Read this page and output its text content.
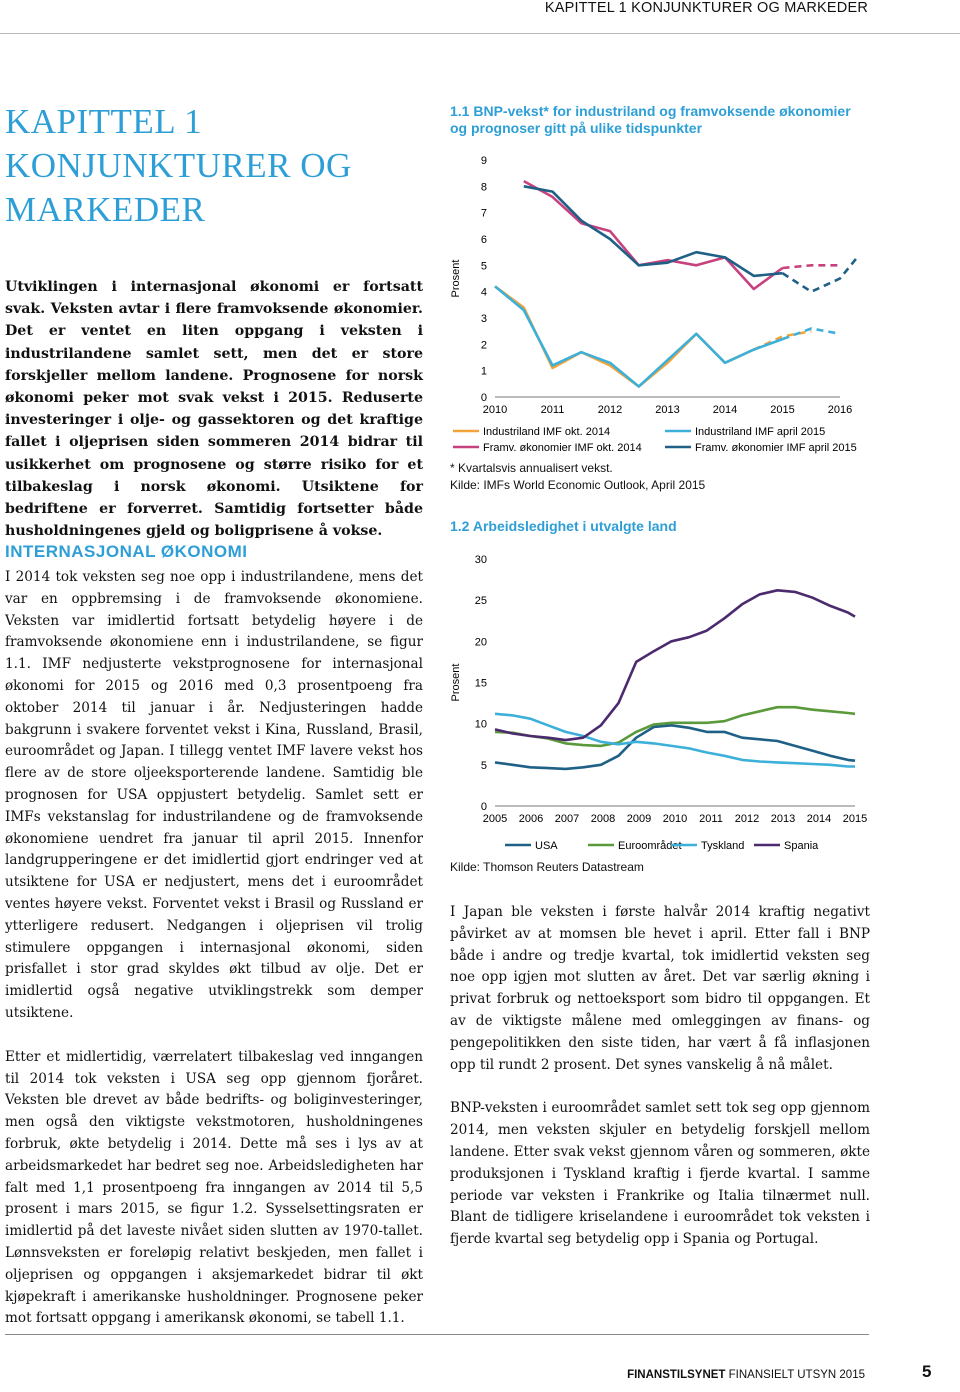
KAPITTEL 1 KONJUNKTURER OG MARKEDER
KAPITTEL 1
KONJUNKTURER OG
MARKEDER

Utviklingen i internasjonal økonomi er fortsatt svak. Veksten avtar i flere framvoksende økonomier. Det er ventet en liten oppgang i veksten i industrilandene samlet sett, men det er store forskjeller mellom landene. Prognosene for norsk økonomi peker mot svak vekst i 2015. Reduserte investeringer i olje- og gassektoren og det kraftige fallet i oljeprisen siden sommeren 2014 bidrar til usikkerhet om prognosene og større risiko for et tilbakeslag i norsk økonomi. Utsiktene for bedriftene er forverret. Samtidig fortsetter både husholdningenes gjeld og boligprisene å vokse.

INTERNASJONAL ØKONOMI

I 2014 tok veksten seg noe opp i industrilandene, mens det var en oppbremsing i de framvoksende økonomiene. Veksten var imidlertid fortsatt betydelig høyere i de framvoksende økonomiene enn i industrilandene, se figur 1.1. IMF nedjusterte vekstprognosene for internasjonal økonomi for 2015 og 2016 med 0,3 prosentpoeng fra oktober 2014 til januar i år. Nedjusteringen hadde bakgrunn i svakere forventet vekst i Kina, Russland, Brasil, euroområdet og Japan. I tillegg ventet IMF lavere vekst hos flere av de store oljeeksporterende landene. Samtidig ble prognosen for USA oppjustert betydelig. Samlet sett er IMFs vekstanslag for industrilandene og de framvoksende økonomiene uendret fra januar til april 2015. Innenfor landgrupperingene er det imidlertid gjort endringer ved at utsiktene for USA er nedjustert, mens det i euroområdet ventes høyere vekst. Forventet vekst i Brasil og Russland er ytterligere redusert. Nedgangen i oljeprisen vil trolig stimulere oppgangen i internasjonal økonomi, siden prisfallet i stor grad skyldes økt tilbud av olje. Det er imidlertid også negative utviklingstrekk som demper utsiktene.

Etter et midlertidig, værrelatert tilbakeslag ved inngangen til 2014 tok veksten i USA seg opp gjennom fjoråret. Veksten ble drevet av både bedrifts- og boliginvesteringer, men også den viktigste vekstmotoren, husholdningenes forbruk, økte betydelig i 2014. Dette må ses i lys av at arbeidsmarkedet har bedret seg noe. Arbeidsledigheten har falt med 1,1 prosentpoeng fra inngangen av 2014 til 5,5 prosent i mars 2015, se figur 1.2. Sysselsettingsraten er imidlertid på det laveste nivået siden slutten av 1970-tallet. Lønnsveksten er foreløpig relativt beskjeden, men fallet i oljeprisen og oppgangen i aksjemarkedet bidrar til økt kjøpekraft i amerikanske husholdninger. Prognosene peker mot fortsatt oppgang i amerikansk økonomi, se tabell 1.1.

1.1 BNP-vekst* for industriland og framvoksende økonomier
og prognoser gitt på ulike tidspunkter
Prosent
0
1
2
3
4
5
6
7
8
9
2010	2011	2012	2013	2014	2015	2016
Industriland IMF okt. 2014	Industriland IMF april 2015
Framv. økonomier IMF okt. 2014	Framv. økonomier IMF april 2015
* Kvartalsvis annualisert vekst.
Kilde: IMFs World Economic Outlook, April 2015
1.2 Arbeidsledighet i utvalgte land
Prosent
0
5
10
15
20
25
30
2005 2006 2007 2008 2009 2010 2011 2012 2013 2014 2015
USA	Euroområdet Tyskland	Spania
Kilde: Thomson Reuters Datastream

I Japan ble veksten i første halvår 2014 kraftig negativt påvirket av at momsen ble hevet i april. Etter fall i BNP både i andre og tredje kvartal, tok imidlertid veksten seg noe opp igjen mot slutten av året. Det var særlig økning i privat forbruk og nettoeksport som bidro til oppgangen. Et av de viktigste målene med omleggingen av finans- og pengepolitikken den siste tiden, har vært å få inflasjonen opp til rundt 2 prosent. Det synes vanskelig å nå målet.

BNP-veksten i euroområdet samlet sett tok seg opp gjennom 2014, men veksten skjuler en betydelig forskjell mellom landene. Etter svak vekst gjennom våren og sommeren, økte produksjonen i Tyskland kraftig i fjerde kvartal. I samme periode var veksten i Frankrike og Italia tilnærmet null. Blant de tidligere kriselandene i euroområdet tok veksten i fjerde kvartal seg betydelig opp i Spania og Portugal.

FINANSTILSYNET FINANSIELT UTSYN 2015	5
